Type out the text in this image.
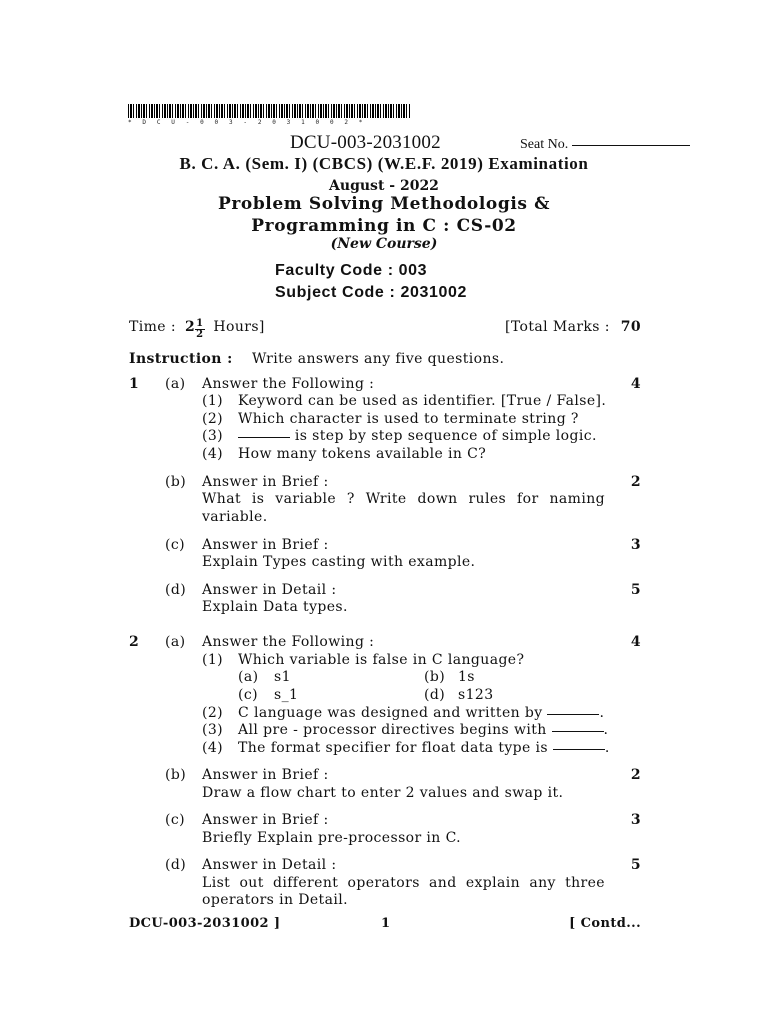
* D C U - 0 0 3 - 2 0 3 1 0 0 2 *
DCU-003-2031002	Seat No.
B. C. A. (Sem. I) (CBCS) (W.E.F. 2019) Examination
August - 2022
Problem Solving Methodologis &
Programming in C : CS-02
(New Course)
Faculty Code : 003
Subject Code : 2031002
Time : $2 \frac{1}{2}$ Hours]	[Total Marks : 70
Instruction : Write answers any five questions.
1 (a) Answer the Following :	4
(1) Keyword can be used as identifier. [True / False].
(2) Which character is used to terminate string ?
(3)	is step by step sequence of simple logic.
(4) How many tokens available in C?
(b) Answer in Brief :	2
What is variable ? Write down rules for naming
variable.
(c) Answer in Brief :	3
Explain Types casting with example.
(d) Answer in Detail :	5
Explain Data types.
2 (a) Answer the Following :	4
(1) Which variable is false in C language?
(a) s1	(b) 1s
(c) s_1	(d) s123
(2) C language was designed and written by	.
(3) All pre - processor directives begins with	.
(4) The format specifier for float data type is	.
(b) Answer in Brief :	2
Draw a flow chart to enter 2 values and swap it.
(c) Answer in Brief :	3
Briefly Explain pre-processor in C.
(d) Answer in Detail :	5
List out different operators and explain any three
operators in Detail.
DCU-003-2031002 ]	1	[ Contd...
